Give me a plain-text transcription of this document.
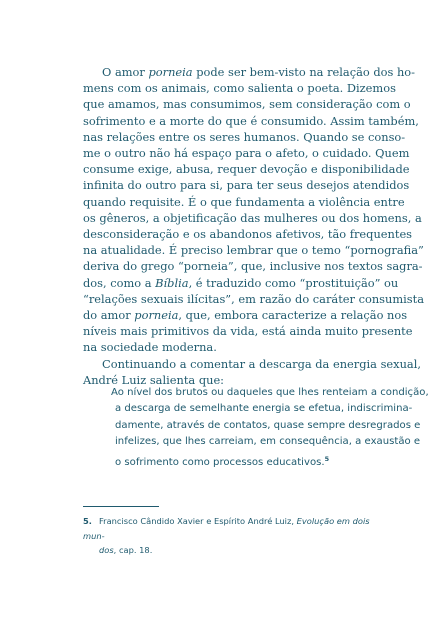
O amor porneia pode ser bem-visto na relação dos ho-
mens com os animais, como salienta o poeta. Dizemos
que amamos, mas consumimos, sem consideração com o
sofrimento e a morte do que é consumido. Assim também,
nas relações entre os seres humanos. Quando se conso-
me o outro não há espaço para o afeto, o cuidado. Quem
consume exige, abusa, requer devoção e disponibilidade
infinita do outro para si, para ter seus desejos atendidos
quando requisite. É o que fundamenta a violência entre
os gêneros, a objetificação das mulheres ou dos homens, a
desconsideração e os abandonos afetivos, tão frequentes
na atualidade. É preciso lembrar que o temo “pornografia”
deriva do grego “porneia”, que, inclusive nos textos sagra-
dos, como a Bíblia, é traduzido como “prostituição” ou
“relações sexuais ilícitas”, em razão do caráter consumista
do amor porneia, que, embora caracterize a relação nos
níveis mais primitivos da vida, está ainda muito presente
na sociedade moderna.
Continuando a comentar a descarga da energia sexual,
André Luiz salienta que:
Ao nível dos brutos ou daqueles que lhes renteiam a condição,
a descarga de semelhante energia se efetua, indiscrimina-
damente, através de contatos, quase sempre desregrados e
infelizes, que lhes carreiam, em consequência, a exaustão e
o sofrimento como processos educativos.$^5$
5. Francisco Cândido Xavier e Espírito André Luiz, Evolução em dois mun-
dos, cap. 18.
